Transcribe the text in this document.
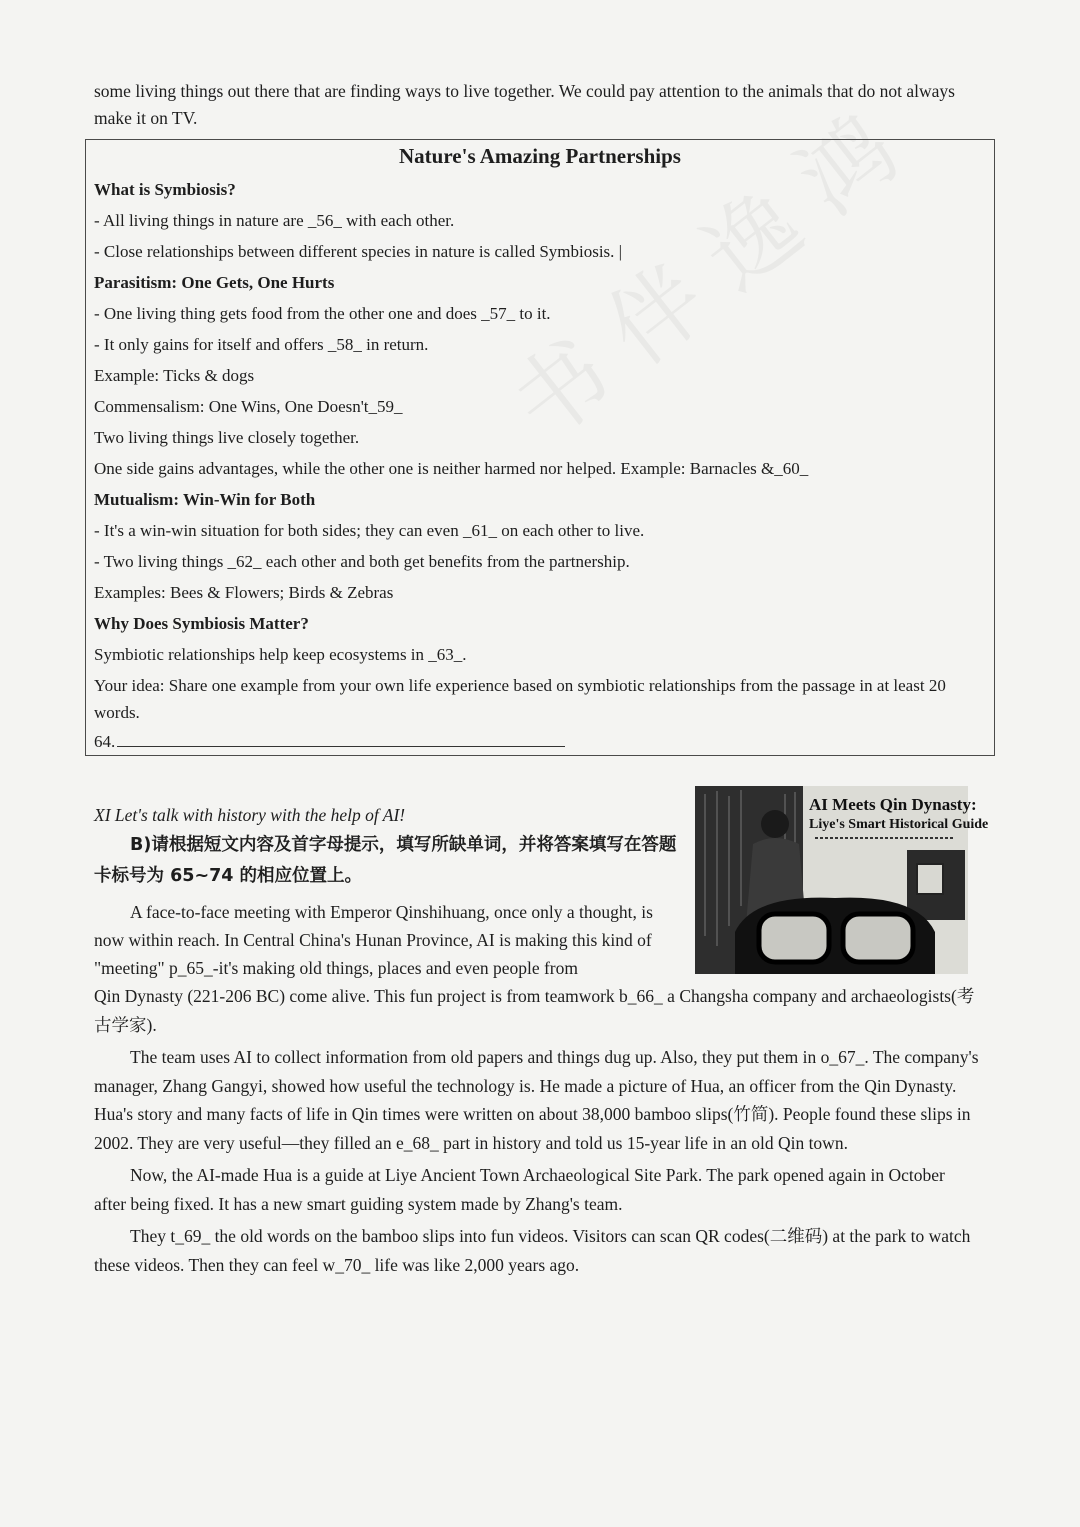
some living things out there that are finding ways to live together. We could pay attention to the animals that do not always make it on TV.
Nature's Amazing Partnerships
What is Symbiosis?
- All living things in nature are _56_ with each other.
- Close relationships between different species in nature is called Symbiosis. |
Parasitism: One Gets, One Hurts
- One living thing gets food from the other one and does _57_ to it.
- It only gains for itself and offers _58_ in return.
Example: Ticks & dogs
Commensalism: One Wins, One Doesn't_59_
Two living things live closely together.
One side gains advantages, while the other one is neither harmed nor helped. Example: Barnacles &_60_
Mutualism: Win-Win for Both
- It's a win-win situation for both sides; they can even _61_ on each other to live.
- Two living things _62_ each other and both get benefits from the partnership.
Examples: Bees & Flowers; Birds & Zebras
Why Does Symbiosis Matter?
Symbiotic relationships help keep ecosystems in _63_.
Your idea: Share one example from your own life experience based on symbiotic relationships from the passage in at least 20 words.
64.
XI Let's talk with history with the help of AI!
B)请根据短文内容及首字母提示，填写所缺单词，并将答案填写在答题卡标号为 65~74 的相应位置上。
A face-to-face meeting with Emperor Qinshihuang, once only a thought, is now within reach. In Central China's Hunan Province, AI is making this kind of "meeting" p_65_-it's making old things, places and even people from
AI Meets Qin Dynasty:
Liye's Smart Historical Guide

Qin Dynasty (221-206 BC) come alive. This fun project is from teamwork b_66_ a Changsha company and archaeologists(考古学家).

The team uses AI to collect information from old papers and things dug up. Also, they put them in o_67_. The company's manager, Zhang Gangyi, showed how useful the technology is. He made a picture of Hua, an officer from the Qin Dynasty. Hua's story and many facts of life in Qin times were written on about 38,000 bamboo slips(竹简). People found these slips in 2002. They are very useful—they filled an e_68_ part in history and told us 15-year life in an old Qin town.

Now, the AI-made Hua is a guide at Liye Ancient Town Archaeological Site Park. The park opened again in October after being fixed. It has a new smart guiding system made by Zhang's team.

They t_69_ the old words on the bamboo slips into fun videos. Visitors can scan QR codes(二维码) at the park to watch these videos. Then they can feel w_70_ life was like 2,000 years ago.
